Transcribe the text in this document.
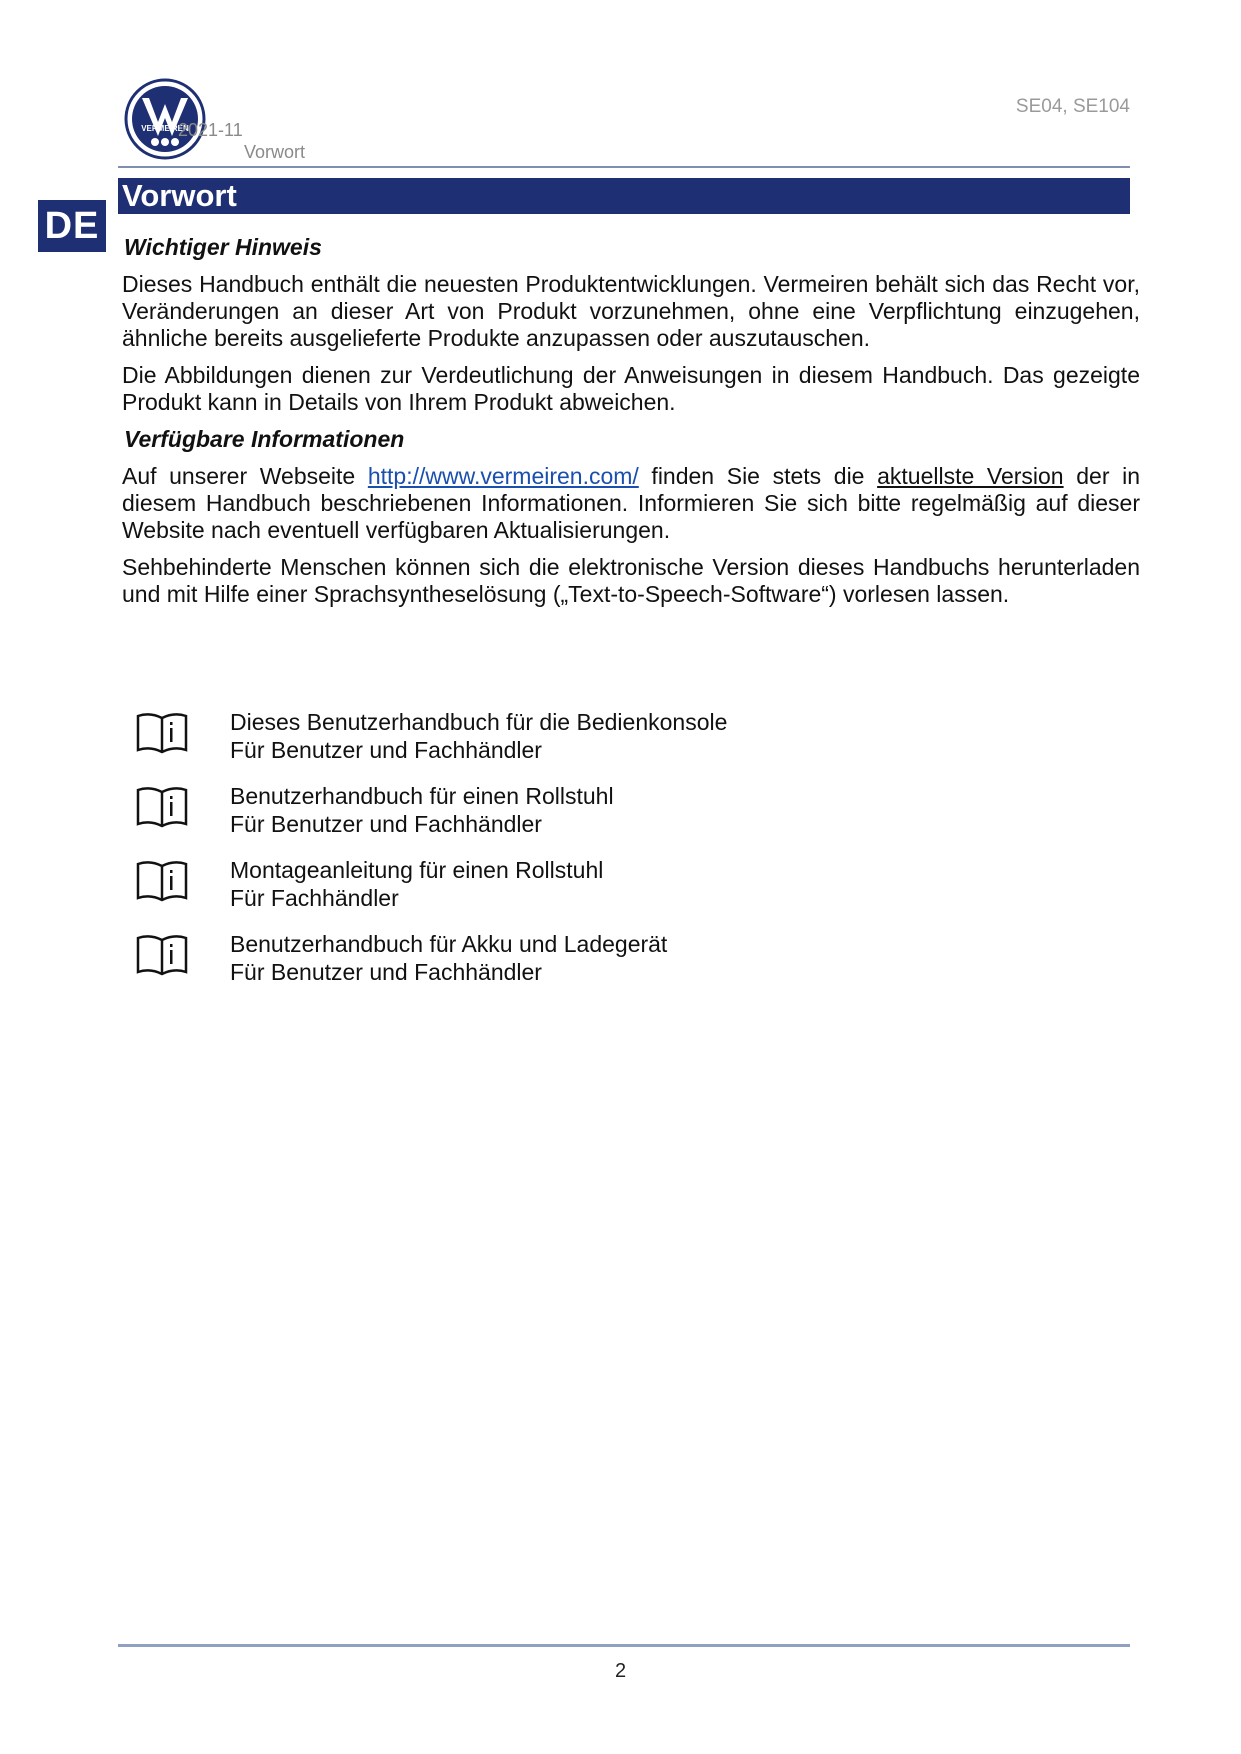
VERMEIREN
2021-11
Vorwort
SE04, SE104
DE
Vorwort
Wichtiger Hinweis

Dieses Handbuch enthält die neuesten Produktentwicklungen. Vermeiren behält sich das Recht vor, Veränderungen an dieser Art von Produkt vorzunehmen, ohne eine Verpflichtung einzugehen, ähnliche bereits ausgelieferte Produkte anzupassen oder auszutauschen.

Die Abbildungen dienen zur Verdeutlichung der Anweisungen in diesem Handbuch. Das gezeigte Produkt kann in Details von Ihrem Produkt abweichen.

Verfügbare Informationen

Auf unserer Webseite http://www.vermeiren.com/ finden Sie stets die aktuellste Version der in diesem Handbuch beschriebenen Informationen. Informieren Sie sich bitte regelmäßig auf dieser Website nach eventuell verfügbaren Aktualisierungen.

Sehbehinderte Menschen können sich die elektronische Version dieses Handbuchs herunterladen und mit Hilfe einer Sprachsyntheselösung („Text-to-Speech-Software“) vorlesen lassen.

Dieses Benutzerhandbuch für die Bedienkonsole
Für Benutzer und Fachhändler
Benutzerhandbuch für einen Rollstuhl
Für Benutzer und Fachhändler
Montageanleitung für einen Rollstuhl
Für Fachhändler
Benutzerhandbuch für Akku und Ladegerät
Für Benutzer und Fachhändler
2
